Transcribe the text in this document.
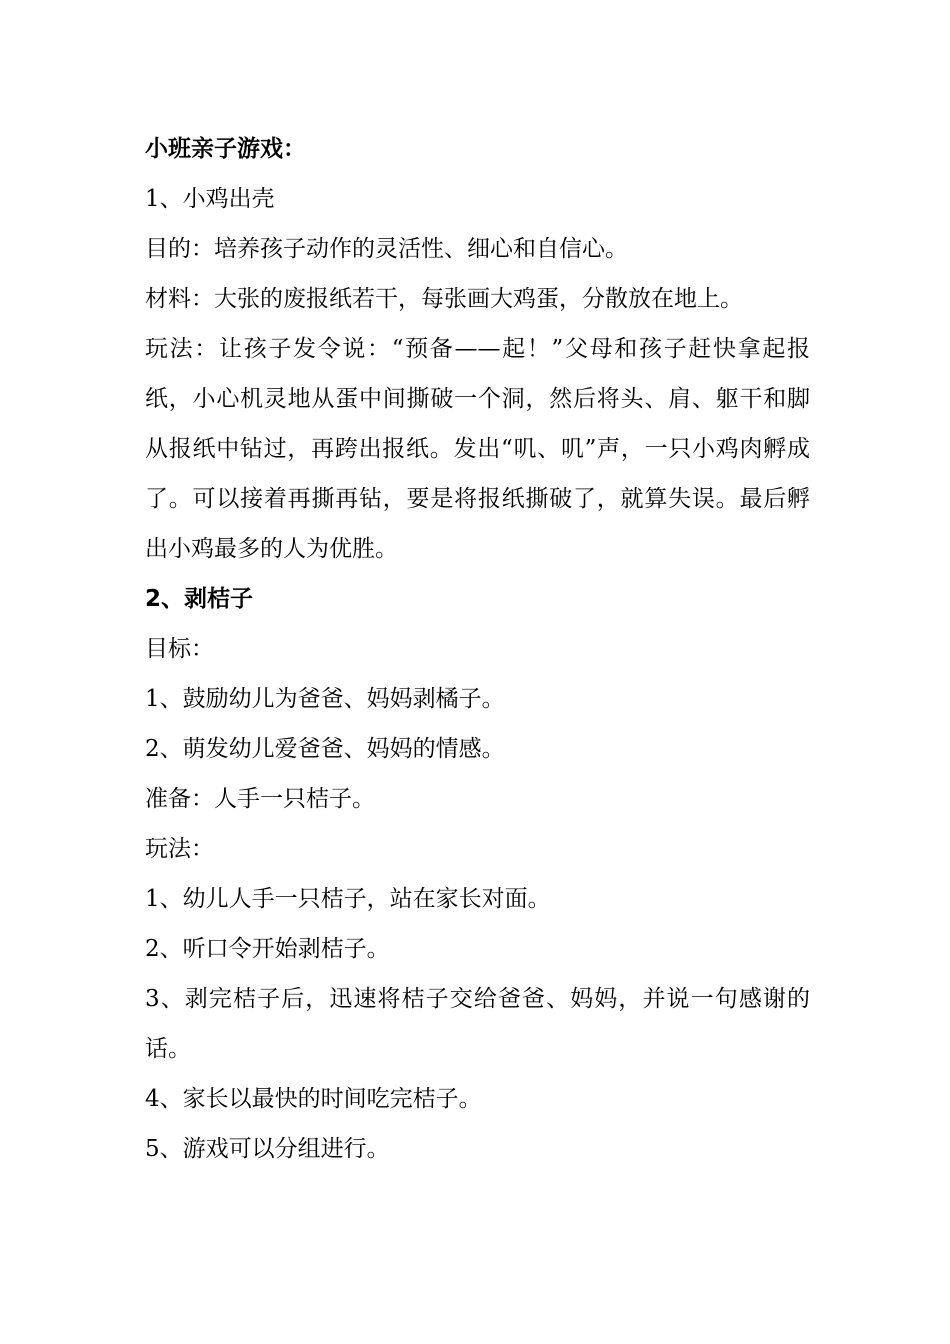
小班亲子游戏：

1、小鸡出壳

目的：培养孩子动作的灵活性、细心和自信心。

材料：大张的废报纸若干，每张画大鸡蛋，分散放在地上。

玩法：让孩子发令说：“预备——起！”父母和孩子赶快拿起报纸，小心机灵地从蛋中间撕破一个洞，然后将头、肩、躯干和脚从报纸中钻过，再跨出报纸。发出“叽、叽”声，一只小鸡肉孵成了。可以接着再撕再钻，要是将报纸撕破了，就算失误。最后孵出小鸡最多的人为优胜。

2、剥桔子

目标：

1、鼓励幼儿为爸爸、妈妈剥橘子。

2、萌发幼儿爱爸爸、妈妈的情感。

准备：人手一只桔子。

玩法：

1、幼儿人手一只桔子，站在家长对面。

2、听口令开始剥桔子。

3、剥完桔子后，迅速将桔子交给爸爸、妈妈，并说一句感谢的话。

4、家长以最快的时间吃完桔子。

5、游戏可以分组进行。
